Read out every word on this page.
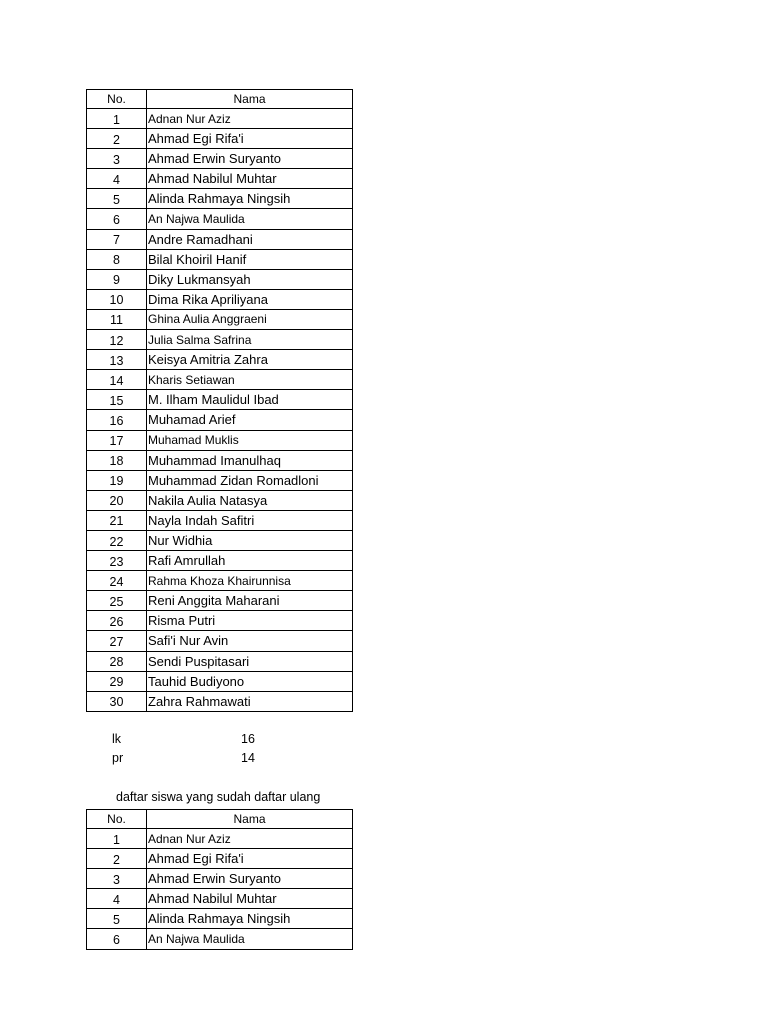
No.	Nama
1	Adnan Nur Aziz
2	Ahmad Egi Rifa'i
3	Ahmad Erwin Suryanto
4	Ahmad Nabilul Muhtar
5	Alinda Rahmaya Ningsih
6	An Najwa Maulida
7	Andre Ramadhani
8	Bilal Khoiril Hanif
9	Diky Lukmansyah
10	Dima Rika Apriliyana
11	Ghina Aulia Anggraeni
12	Julia Salma Safrina
13	Keisya Amitria Zahra
14	Kharis Setiawan
15	M. Ilham Maulidul Ibad
16	Muhamad Arief
17	Muhamad Muklis
18	Muhammad Imanulhaq
19	Muhammad Zidan Romadloni
20	Nakila Aulia Natasya
21	Nayla Indah Safitri
22	Nur Widhia
23	Rafi Amrullah
24	Rahma Khoza Khairunnisa
25	Reni Anggita Maharani
26	Risma Putri
27	Safi'i Nur Avin
28	Sendi Puspitasari
29	Tauhid Budiyono
30	Zahra Rahmawati
lk	16
pr	14
daftar siswa yang sudah daftar ulang
No.	Nama
1	Adnan Nur Aziz
2	Ahmad Egi Rifa'i
3	Ahmad Erwin Suryanto
4	Ahmad Nabilul Muhtar
5	Alinda Rahmaya Ningsih
6	An Najwa Maulida
